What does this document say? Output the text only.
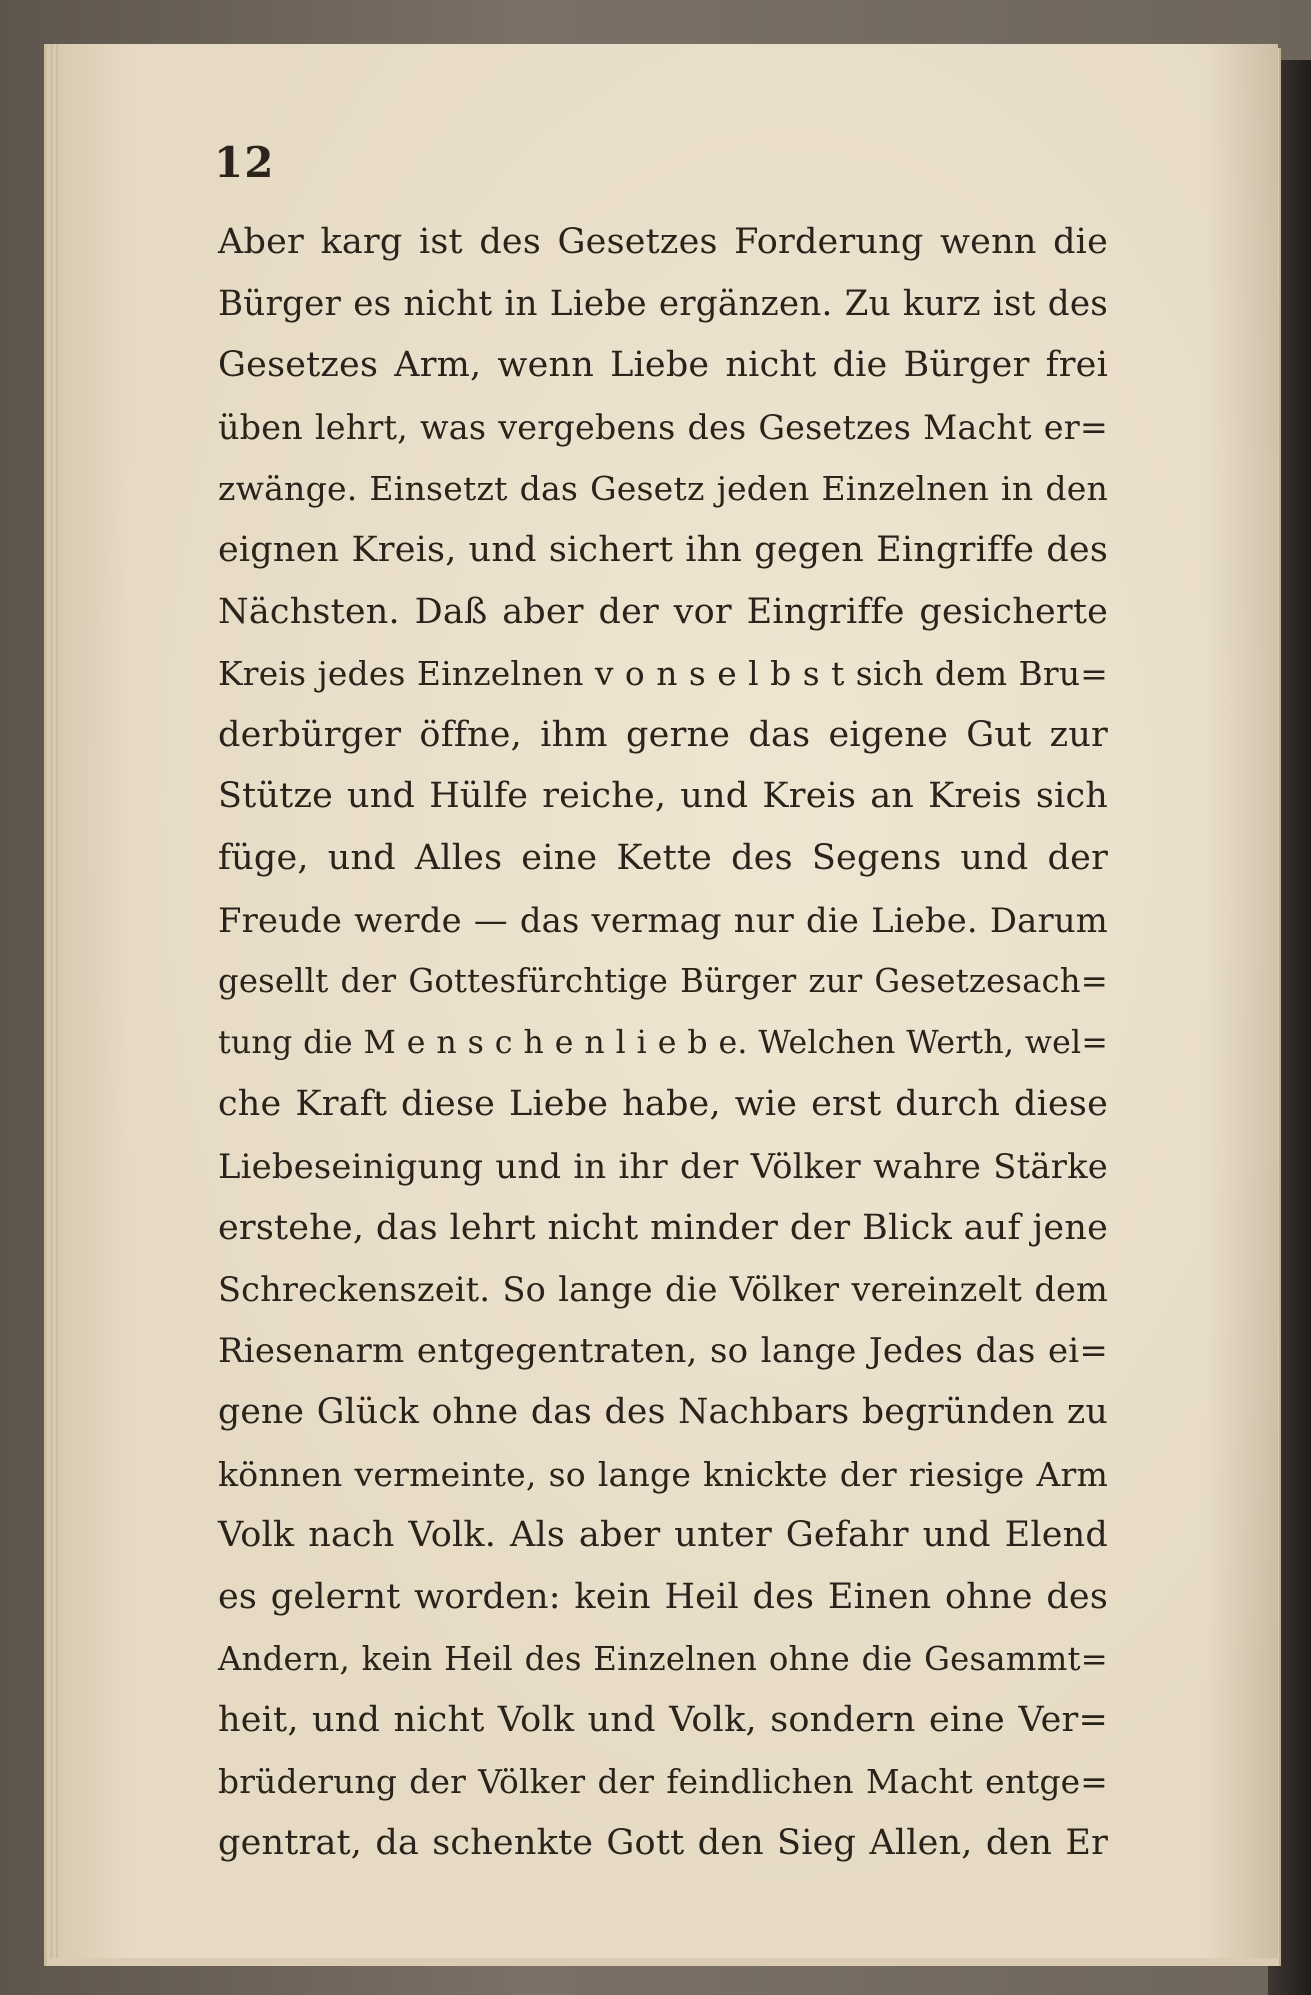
12
Aber karg ist des Gesetzes Forderung wenn die
Bürger es nicht in Liebe ergänzen. Zu kurz ist des
Gesetzes Arm, wenn Liebe nicht die Bürger frei
üben lehrt, was vergebens des Gesetzes Macht er=
zwänge. Einsetzt das Gesetz jeden Einzelnen in den
eignen Kreis, und sichert ihn gegen Eingriffe des
Nächsten. Daß aber der vor Eingriffe gesicherte
Kreis jedes Einzelnen v o n s e l b s t sich dem Bru=
derbürger öffne, ihm gerne das eigene Gut zur
Stütze und Hülfe reiche, und Kreis an Kreis sich
füge, und Alles eine Kette des Segens und der
Freude werde — das vermag nur die Liebe. Darum
gesellt der Gottesfürchtige Bürger zur Gesetzesach=
tung die M e n s c h e n l i e b e. Welchen Werth, wel=
che Kraft diese Liebe habe, wie erst durch diese
Liebeseinigung und in ihr der Völker wahre Stärke
erstehe, das lehrt nicht minder der Blick auf jene
Schreckenszeit. So lange die Völker vereinzelt dem
Riesenarm entgegentraten, so lange Jedes das ei=
gene Glück ohne das des Nachbars begründen zu
können vermeinte, so lange knickte der riesige Arm
Volk nach Volk. Als aber unter Gefahr und Elend
es gelernt worden: kein Heil des Einen ohne des
Andern, kein Heil des Einzelnen ohne die Gesammt=
heit, und nicht Volk und Volk, sondern eine Ver=
brüderung der Völker der feindlichen Macht entge=
gentrat, da schenkte Gott den Sieg Allen, den Er
